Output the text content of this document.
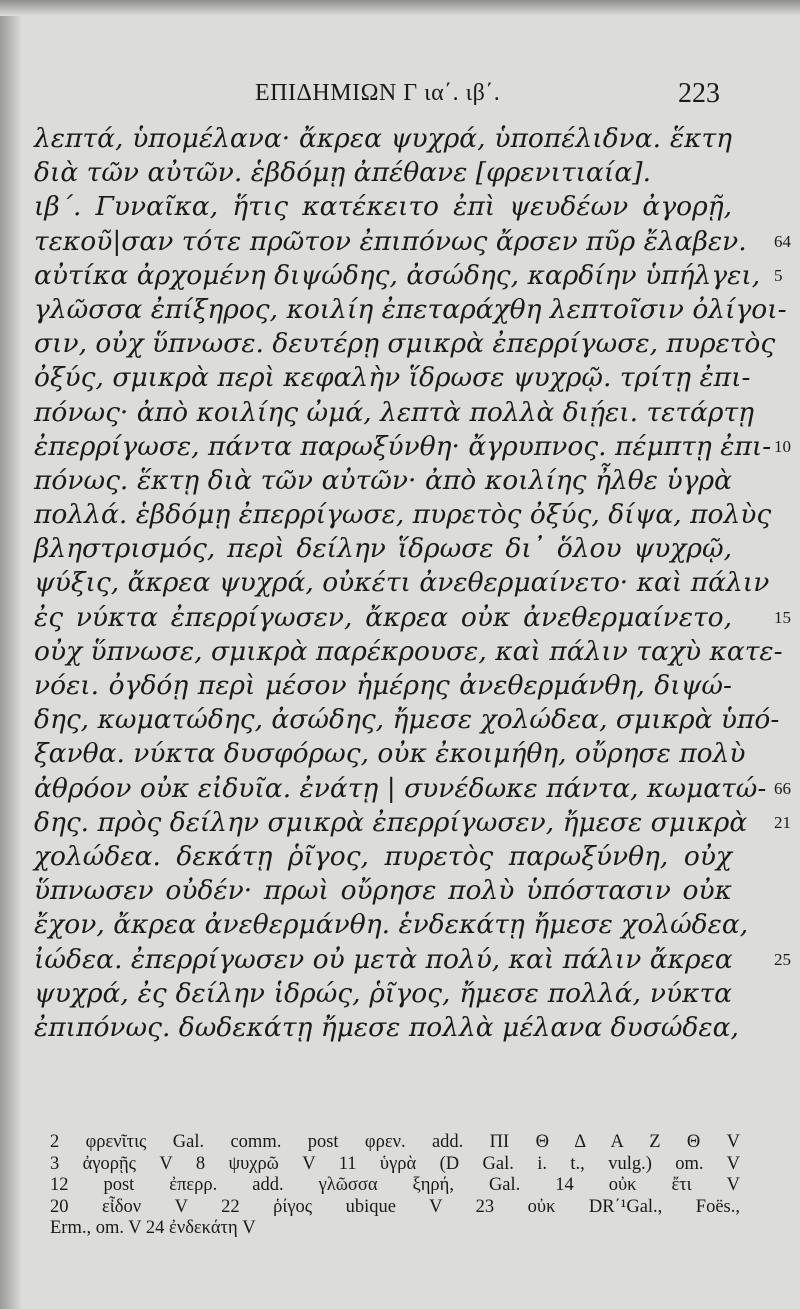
ΕΠΙΔΗΜΙΩΝ Γ ια΄. ιβ΄.	223
λεπτά, ὑπομέλανα· ἄκρεα ψυχρά, ὑποπέλιδνα. ἕκτη
διὰ τῶν αὐτῶν. ἑβδόμῃ ἀπέθανε [φρενιτιαία].
ιβ΄. Γυναῖκα, ἥτις κατέκειτο ἐπὶ ψευδέων ἀγορῇ,
τεκοῦ|σαν τότε πρῶτον ἐπιπόνως ἄρσεν πῦρ ἔλαβεν. 64
αὐτίκα ἀρχομένη διψώδης, ἀσώδης, καρδίην ὑπήλγει, 5
γλῶσσα ἐπίξηρος, κοιλίη ἐπεταράχθη λεπτοῖσιν ὀλίγοι-
σιν, οὐχ ὕπνωσε. δευτέρῃ σμικρὰ ἐπερρίγωσε, πυρετὸς
ὀξύς, σμικρὰ περὶ κεφαλὴν ἵδρωσε ψυχρῷ. τρίτῃ ἐπι-
πόνως· ἀπὸ κοιλίης ὠμά, λεπτὰ πολλὰ διῄει. τετάρτῃ
ἐπερρίγωσε, πάντα παρωξύνθη· ἄγρυπνος. πέμπτῃ ἐπι- 10
πόνως. ἕκτῃ διὰ τῶν αὐτῶν· ἀπὸ κοιλίης ἦλθε ὑγρὰ
πολλά. ἑβδόμῃ ἐπερρίγωσε, πυρετὸς ὀξύς, δίψα, πολὺς
βληστρισμός, περὶ δείλην ἵδρωσε δι᾽ ὅλου ψυχρῷ,
ψύξις, ἄκρεα ψυχρά, οὐκέτι ἀνεθερμαίνετο· καὶ πάλιν
ἐς νύκτα ἐπερρίγωσεν, ἄκρεα οὐκ ἀνεθερμαίνετο, 15
οὐχ ὕπνωσε, σμικρὰ παρέκρουσε, καὶ πάλιν ταχὺ κατε-
νόει. ὀγδόῃ περὶ μέσον ἡμέρης ἀνεθερμάνθη, διψώ-
δης, κωματώδης, ἀσώδης, ἤμεσε χολώδεα, σμικρὰ ὑπό-
ξανθα. νύκτα δυσφόρως, οὐκ ἐκοιμήθη, οὔρησε πολὺ
ἀθρόον οὐκ εἰδυῖα. ἐνάτῃ | συνέδωκε πάντα, κωματώ- 66
δης. πρὸς δείλην σμικρὰ ἐπερρίγωσεν, ἤμεσε σμικρὰ 21
χολώδεα. δεκάτῃ ῥῖγος, πυρετὸς παρωξύνθη, οὐχ
ὕπνωσεν οὐδέν· πρωὶ οὔρησε πολὺ ὑπόστασιν οὐκ
ἔχον, ἄκρεα ἀνεθερμάνθη. ἑνδεκάτῃ ἤμεσε χολώδεα,
ἰώδεα. ἐπερρίγωσεν οὐ μετὰ πολύ, καὶ πάλιν ἄκρεα 25
ψυχρά, ἐς δείλην ἱδρώς, ῥῖγος, ἤμεσε πολλά, νύκτα
ἐπιπόνως. δωδεκάτῃ ἤμεσε πολλὰ μέλανα δυσώδεα,
2 φρενῖτις Gal. comm. post φρεν. add. ΠΙ Θ Δ Α Ζ Θ V
3 ἀγορῇς V 8 ψυχρῶ V 11 ὑγρὰ (D Gal. i. t., vulg.) om. V
12 post ἐπερρ. add. γλῶσσα ξηρή, Gal. 14 οὐκ ἔτι V
20 εἶδον V 22 ῥίγος ubique V 23 οὐκ DR΄¹Gal., Foës.,
Erm., om. V 24 ἐνδεκάτη V
